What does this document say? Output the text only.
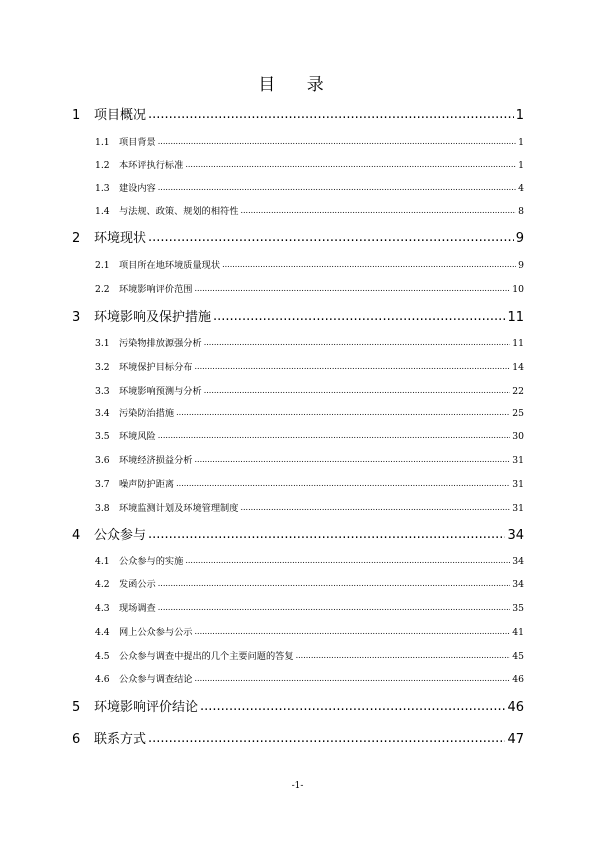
目 录
1	项目概况 .....	1
1.1	项目背景 .....	1
1.2	本环评执行标准 .....	1
1.3	建设内容 .....	4
1.4	与法规、政策、规划的相符性 .....	8
2	环境现状 .....	9
2.1	项目所在地环境质量现状 .....	9
2.2	环境影响评价范围 .....	10
3	环境影响及保护措施 .....	11
3.1	污染物排放源强分析 .....	11
3.2	环境保护目标分布 .....	14
3.3	环境影响预测与分析 .....	22
3.4	污染防治措施 .....	25
3.5	环境风险 .....	30
3.6	环境经济损益分析 .....	31
3.7	噪声防护距离 .....	31
3.8	环境监测计划及环境管理制度 .....	31
4	公众参与 .....	34
4.1	公众参与的实施 .....	34
4.2	发函公示 .....	34
4.3	现场调查 .....	35
4.4	网上公众参与公示 .....	41
4.5	公众参与调查中提出的几个主要问题的答复 .....	45
4.6	公众参与调查结论 .....	46
5	环境影响评价结论 .....	46
6	联系方式 .....	47
-1-
